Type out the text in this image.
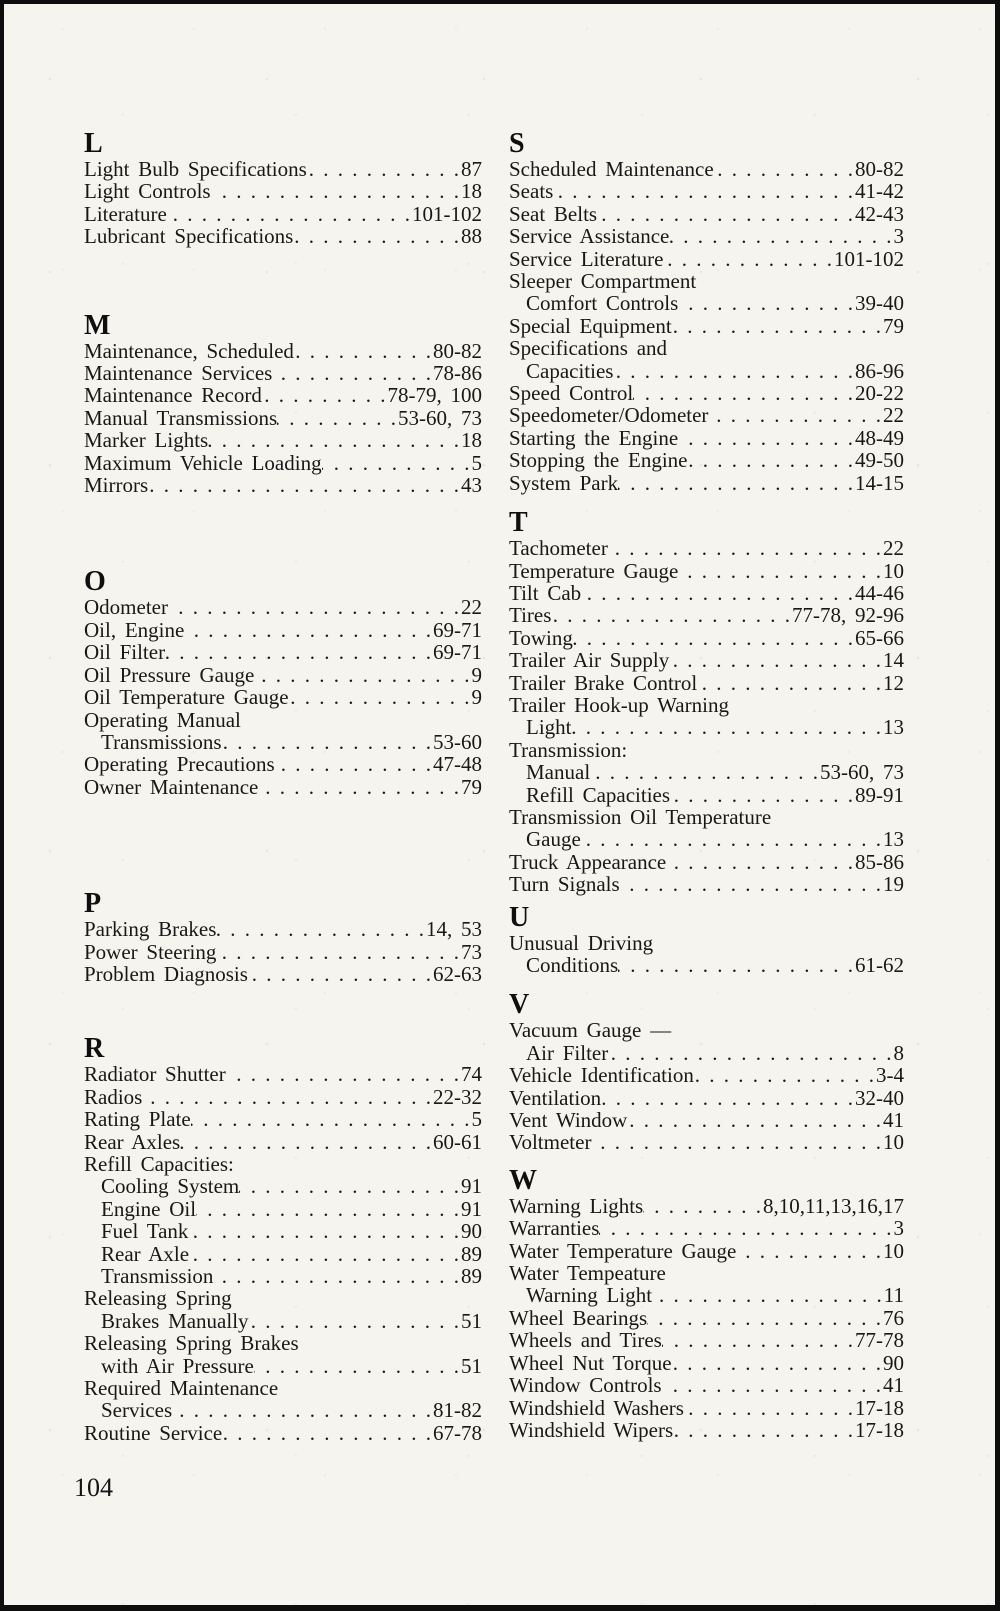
L
Light Bulb Specifications . . .	87
Light Controls . . .	18
Literature . . .	101-102
Lubricant Specifications . . .	88
M
Maintenance, Scheduled . . .	80-82
Maintenance Services . . .	78-86
Maintenance Record . . .	78-79, 100
Manual Transmissions . . .	53-60, 73
Marker Lights . . .	18
Maximum Vehicle Loading . . .	5
Mirrors . . .	43
O
Odometer . . .	22
Oil, Engine . . .	69-71
Oil Filter . . .	69-71
Oil Pressure Gauge . . .	9
Oil Temperature Gauge . . .	9
Operating Manual
Transmissions . . .	53-60
Operating Precautions . . .	47-48
Owner Maintenance . . .	79
P
Parking Brakes . . .	14, 53
Power Steering . . .	73
Problem Diagnosis . . .	62-63
R
Radiator Shutter . . .	74
Radios . . .	22-32
Rating Plate . . .	5
Rear Axles . . .	60-61
Refill Capacities:
Cooling System . . .	91
Engine Oil . . .	91
Fuel Tank . . .	90
Rear Axle . . .	89
Transmission . . .	89
Releasing Spring
Brakes Manually . . .	51
Releasing Spring Brakes
with Air Pressure . . .	51
Required Maintenance
Services . . .	81-82
Routine Service . . .	67-78
S
Scheduled Maintenance . . .	80-82
Seats . . .	41-42
Seat Belts . . .	42-43
Service Assistance . . .	3
Service Literature . . .	101-102
Sleeper Compartment
Comfort Controls . . .	39-40
Special Equipment . . .	79
Specifications and
Capacities . . .	86-96
Speed Control . . .	20-22
Speedometer/Odometer . . .	22
Starting the Engine . . .	48-49
Stopping the Engine . . .	49-50
System Park . . .	14-15
T
Tachometer . . .	22
Temperature Gauge . . .	10
Tilt Cab . . .	44-46
Tires . . .	77-78, 92-96
Towing . . .	65-66
Trailer Air Supply . . .	14
Trailer Brake Control . . .	12
Trailer Hook-up Warning
Light . . .	13
Transmission:
Manual . . .	53-60, 73
Refill Capacities . . .	89-91
Transmission Oil Temperature
Gauge . . .	13
Truck Appearance . . .	85-86
Turn Signals . . .	19
U
Unusual Driving
Conditions . . .	61-62
V
Vacuum Gauge —
Air Filter . . .	8
Vehicle Identification . . .	3-4
Ventilation . . .	32-40
Vent Window . . .	41
Voltmeter . . .	10
W
Warning Lights . . .	8,10,11,13,16,17
Warranties . . .	3
Water Temperature Gauge . . .	10
Water Tempeature
Warning Light . . .	11
Wheel Bearings . . .	76
Wheels and Tires . . .	77-78
Wheel Nut Torque . . .	90
Window Controls . . .	41
Windshield Washers . . .	17-18
Windshield Wipers . . .	17-18
104
